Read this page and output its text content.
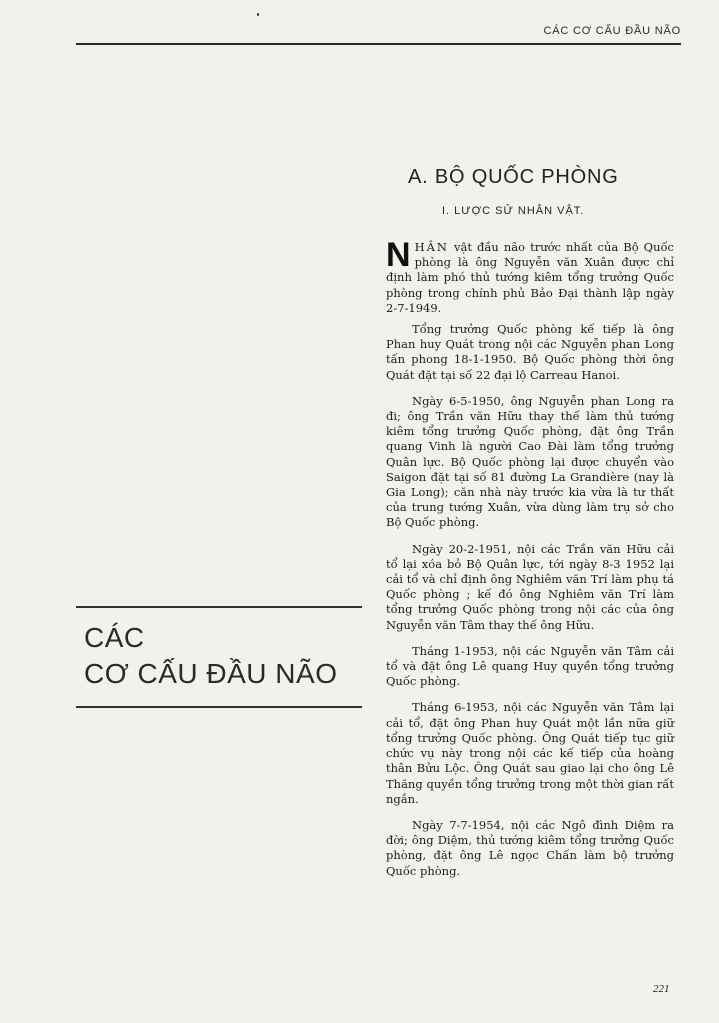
CÁC CƠ CẤU ĐẦU NÃO
CÁC
CƠ CẤU ĐẦU NÃO
A. BỘ QUỐC PHÒNG
I. LƯỢC SỬ NHÂN VẬT.

NHÂN vật đầu não trước nhất của Bộ Quốc phòng là ông Nguyễn văn Xuân được chỉ định làm phó thủ tướng kiêm tổng trưởng Quốc phòng trong chính phủ Bảo Đại thành lập ngày 2-7-1949.

Tổng trưởng Quốc phòng kế tiếp là ông Phan huy Quát trong nội các Nguyễn phan Long tấn phong 18-1-1950. Bộ Quốc phòng thời ông Quát đặt tại số 22 đại lộ Carreau Hanoi.

Ngày 6-5-1950, ông Nguyễn phan Long ra đi; ông Trần văn Hữu thay thế làm thủ tướng kiêm tổng trưởng Quốc phòng, đặt ông Trần quang Vinh là người Cao Đài làm tổng trưởng Quân lực. Bộ Quốc phòng lại được chuyển vào Saigon đặt tại số 81 đường La Grandière (nay là Gia Long); căn nhà này trước kia vừa là tư thất của trung tướng Xuân, vừa dùng làm trụ sở cho Bộ Quốc phòng.

Ngày 20-2-1951, nội các Trần văn Hữu cải tổ lại xóa bỏ Bộ Quân lực, tới ngày 8-3 1952 lại cải tổ và chỉ định ông Nghiêm văn Trí làm phụ tá Quốc phòng ; kế đó ông Nghiêm văn Trí làm tổng trưởng Quốc phòng trong nội các của ông Nguyễn văn Tâm thay thế ông Hữu.

Tháng 1-1953, nội các Nguyễn văn Tâm cải tổ và đặt ông Lê quang Huy quyền tổng trưởng Quốc phòng.

Tháng 6-1953, nội các Nguyễn văn Tâm lại cải tổ, đặt ông Phan huy Quát một lần nữa giữ tổng trưởng Quốc phòng. Ông Quát tiếp tục giữ chức vụ này trong nội các kế tiếp của hoàng thân Bửu Lộc. Ông Quát sau giao lại cho ông Lê Thăng quyền tổng trưởng trong một thời gian rất ngắn.

Ngày 7-7-1954, nội các Ngô đình Diệm ra đời; ông Diệm, thủ tướng kiêm tổng trưởng Quốc phòng, đặt ông Lê ngọc Chấn làm bộ trưởng Quốc phòng.

221
